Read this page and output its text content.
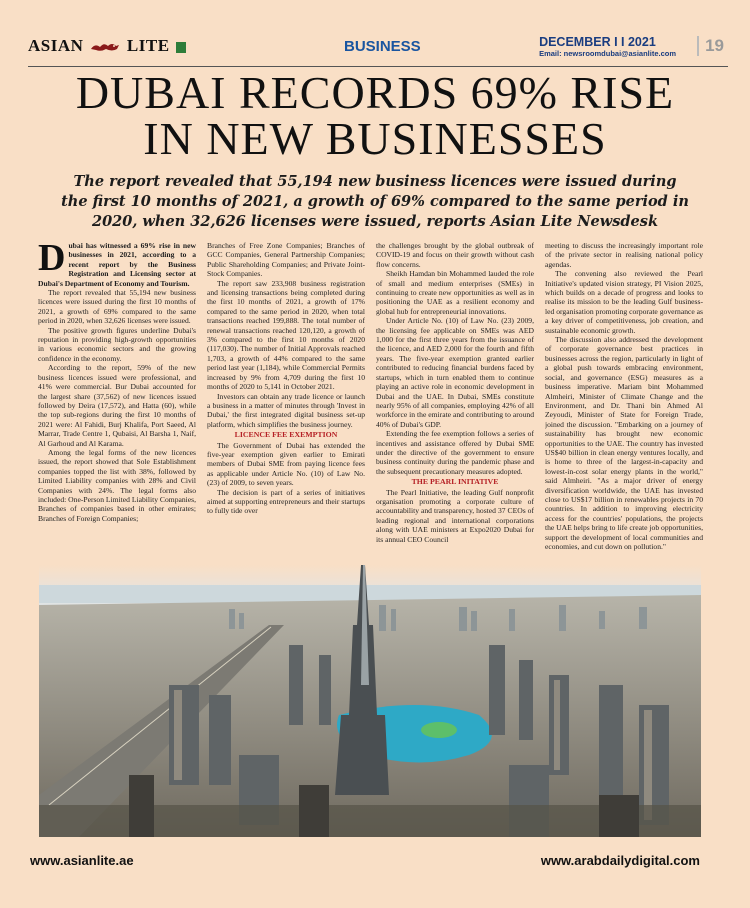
ASIAN	LITE	BUSINESS	DECEMBER I I 2021
Email: newsroomdubai@asianlite.com	19
DUBAI RECORDS 69% RISE
IN NEW BUSINESSES
The report revealed that 55,194 new business licences were issued during the first 10 months of 2021, a growth of 69% compared to the same period in 2020, when 32,626 licenses were issued, reports Asian Lite Newsdesk

Dubai has witnessed a 69% rise in new businesses in 2021, according to a recent report by the Business Registration and Licensing sector at Dubai's Department of Economy and Tourism.

The report revealed that 55,194 new business licences were issued during the first 10 months of 2021, a growth of 69% compared to the same period in 2020, when 32,626 licenses were issued.

The positive growth figures underline Dubai's reputation in providing high-growth opportunities in various economic sectors and the growing confidence in the economy.

According to the report, 59% of the new business licences issued were professional, and 41% were commercial. Bur Dubai accounted for the largest share (37,562) of new licences issued followed by Deira (17,572), and Hatta (60), while the top sub-regions during the first 10 months of 2021 were: Al Fahidi, Burj Khalifa, Port Saeed, Al Marrar, Trade Centre 1, Qubaisi, Al Barsha 1, Naif, Al Garhoud and Al Karama.

Among the legal forms of the new licences issued, the report showed that Sole Establishment companies topped the list with 38%, followed by Limited Liability companies with 28% and Civil Companies with 24%. The legal forms also included: One-Person Limited Liability Companies, Branches of companies based in other emirates; Branches of Foreign Companies;

Branches of Free Zone Companies; Branches of GCC Companies, General Partnership Companies; Public Shareholding Companies; and Private Joint-Stock Companies.

The report saw 233,908 business registration and licensing transactions being completed during the first 10 months of 2021, a growth of 17% compared to the same period in 2020, when total transactions reached 199,888. The total number of renewal transactions reached 120,120, a growth of 3% compared to the first 10 months of 2020 (117,030). The number of Initial Approvals reached 1,703, a growth of 44% compared to the same period last year (1,184), while Commercial Permits increased by 9% from 4,709 during the first 10 months of 2020 to 5,141 in October 2021.

Investors can obtain any trade licence or launch a business in a matter of minutes through 'Invest in Dubai,' the first integrated digital business set-up platform, which simplifies the business journey.

LICENCE FEE EXEMPTION

The Government of Dubai has extended the five-year exemption given earlier to Emirati members of Dubai SME from paying licence fees as applicable under Article No. (10) of Law No. (23) of 2009, to seven years.

The decision is part of a series of initiatives aimed at supporting entrepreneurs and their startups to fully tide over

the challenges brought by the global outbreak of COVID-19 and focus on their growth without cash flow concerns.

Sheikh Hamdan bin Mohammed lauded the role of small and medium enterprises (SMEs) in continuing to create new opportunities as well as in positioning the UAE as a resilient economy and global hub for entrepreneurial innovations.

Under Article No. (10) of Law No. (23) 2009, the licensing fee applicable on SMEs was AED 1,000 for the first three years from the issuance of the licence, and AED 2,000 for the fourth and fifth years. The five-year exemption granted earlier contributed to reducing financial burdens faced by startups, which in turn enabled them to continue playing an active role in economic development in Dubai and the UAE. In Dubai, SMEs constitute nearly 95% of all companies, employing 42% of all workforce in the emirate and contributing to around 40% of Dubai's GDP.

Extending the fee exemption follows a series of incentives and assistance offered by Dubai SME under the directive of the government to ensure business continuity during the pandemic phase and the subsequent precautionary measures adopted.

THE PEARL INITATIVE

The Pearl Initiative, the leading Gulf nonprofit organisation promoting a corporate culture of accountability and transparency, hosted 37 CEOs of leading regional and international corporations along with UAE ministers at Expo2020 Dubai for its annual CEO Council

meeting to discuss the increasingly important role of the private sector in realising national policy agendas.

The convening also reviewed the Pearl Initiative's updated vision strategy, PI Vision 2025, which builds on a decade of progress and looks to realise its mission to be the leading Gulf business-led organisation promoting corporate governance as a key driver of competitiveness, job creation, and sustainable economic growth.

The discussion also addressed the development of corporate governance best practices in businesses across the region, particularly in light of a global push towards embracing environment, social, and governance (ESG) measures as a business imperative. Mariam bint Mohammed Almheiri, Minister of Climate Change and the Environment, and Dr. Thani bin Ahmed Al Zeyoudi, Minister of State for Foreign Trade, joined the discussion. "Embarking on a journey of sustainability has brought new economic opportunities to the UAE. The country has invested US$40 billion in clean energy ventures locally, and is home to three of the largest-in-capacity and lowest-in-cost solar energy plants in the world," said Almheiri. "As a major driver of energy diversification worldwide, the UAE has invested close to US$17 billion in renewables projects in 70 countries. In addition to improving electricity access for the countries' populations, the projects the UAE helps bring to life create job opportunities, support the development of local communities and economies, and cut down on pollution."

www.asianlite.ae	www.arabdailydigital.com
